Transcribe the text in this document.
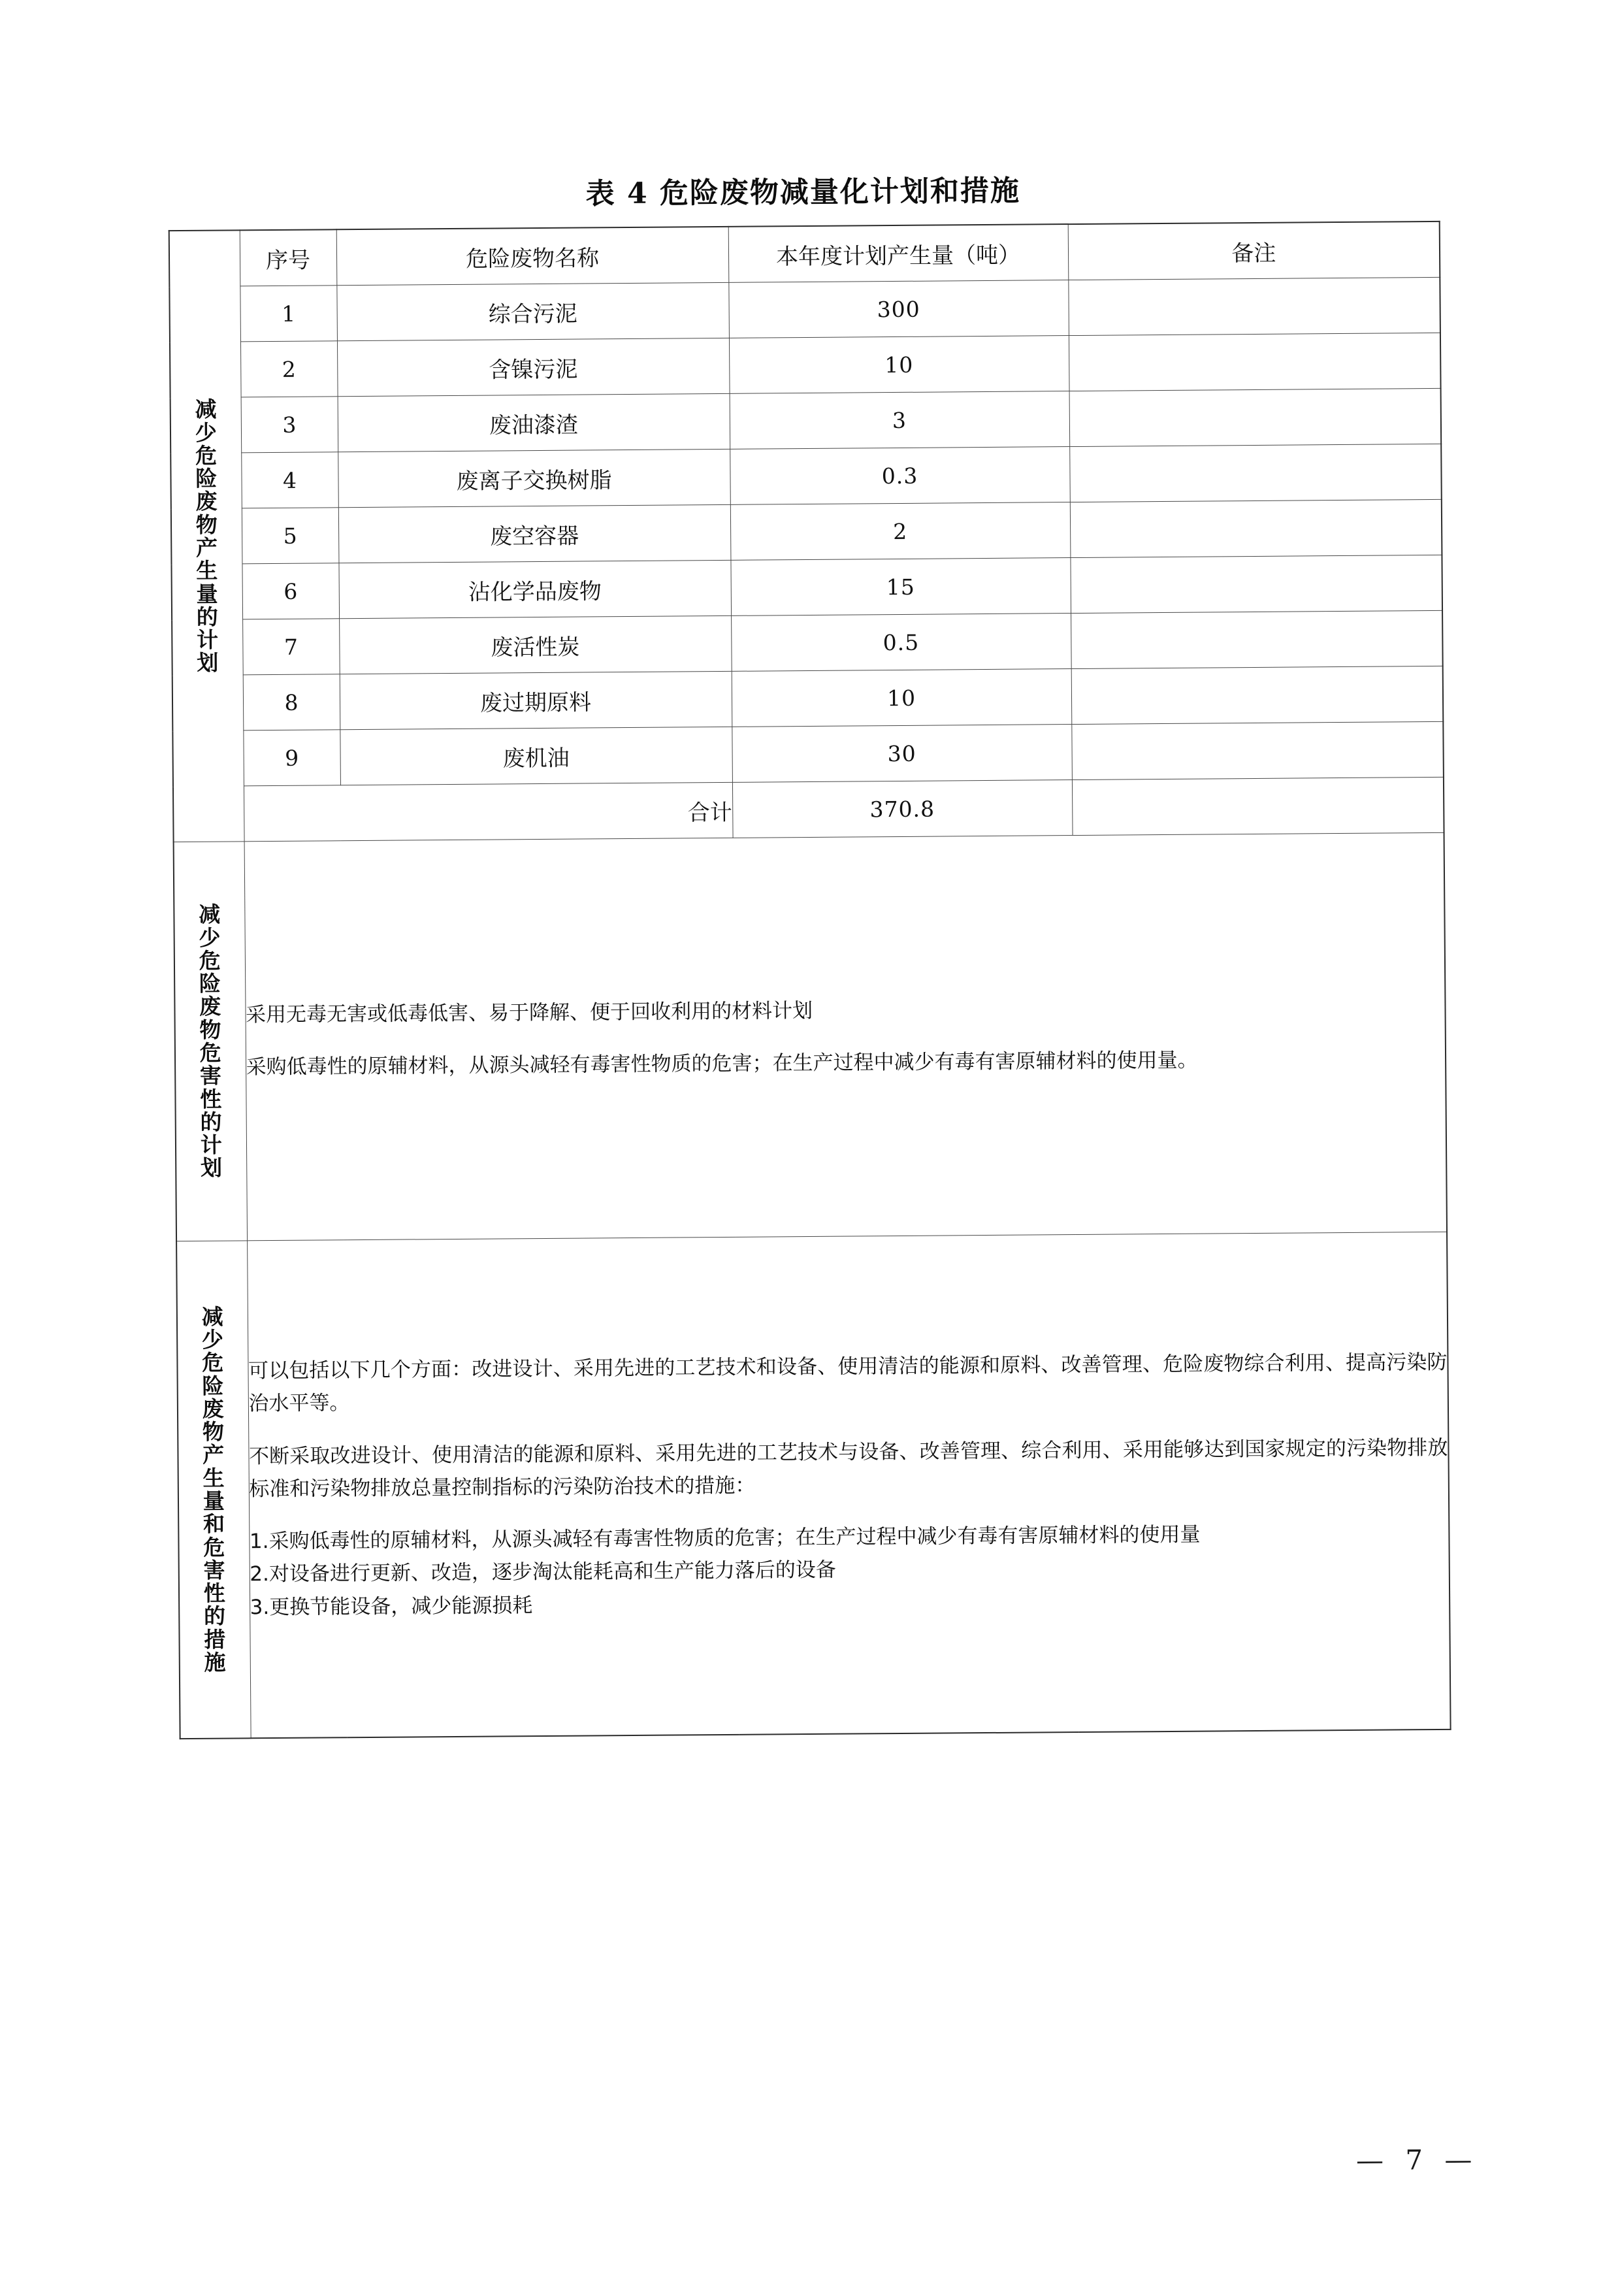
表 4 危险废物减量化计划和措施
减少危险废物产生量的计划	序号	危险废物名称	本年度计划产生量（吨）	备注
	1	综合污泥	300	
	2	含镍污泥	10	
	3	废油漆渣	3	
	4	废离子交换树脂	0.3	
	5	废空容器	2	
	6	沾化学品废物	15	
	7	废活性炭	0.5	
	8	废过期原料	10	
	9	废机油	30	
	合计		370.8	

减少危险废物危害性的计划	采用无毒无害或低毒低害、易于降解、便于回收利用的材料计划

采购低毒性的原辅材料，从源头减轻有毒害性物质的危害；在生产过程中减少有毒有害原辅材料的使用量。			

减少危险废物产生量和危害性的措施	可以包括以下几个方面：改进设计、采用先进的工艺技术和设备、使用清洁的能源和原料、改善管理、危险废物综合利用、提高污染防治水平等。

不断采取改进设计、使用清洁的能源和原料、采用先进的工艺技术与设备、改善管理、综合利用、采用能够达到国家规定的污染物排放标准和污染物排放总量控制指标的污染防治技术的措施：

1.采购低毒性的原辅材料，从源头减轻有毒害性物质的危害；在生产过程中减少有毒有害原辅材料的使用量

2.对设备进行更新、改造，逐步淘汰能耗高和生产能力落后的设备

3.更换节能设备，减少能源损耗			

— 7 —
